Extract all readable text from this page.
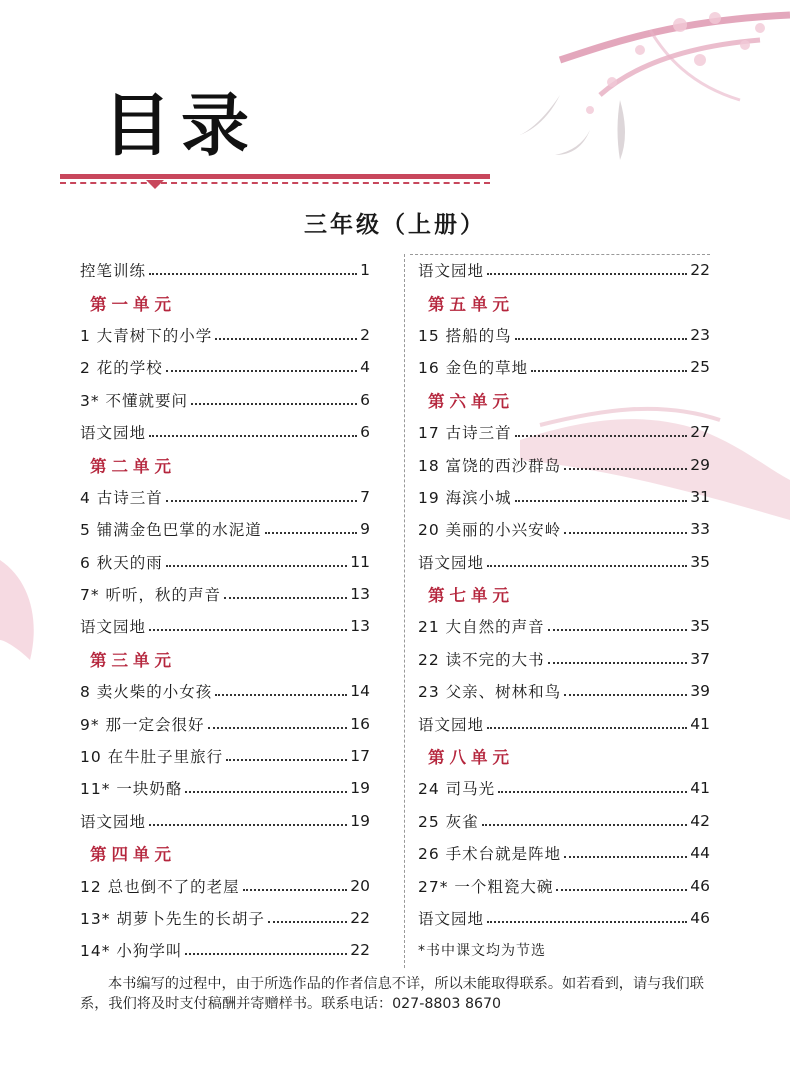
目录
三年级（上册）
控笔训练	1
第一单元
1 大青树下的小学	2
2 花的学校	4
3* 不懂就要问	6
语文园地	6
第二单元
4 古诗三首	7
5 铺满金色巴掌的水泥道	9
6 秋天的雨	11
7* 听听，秋的声音	13
语文园地	13
第三单元
8 卖火柴的小女孩	14
9* 那一定会很好	16
10 在牛肚子里旅行	17
11* 一块奶酪	19
语文园地	19
第四单元
12 总也倒不了的老屋	20
13* 胡萝卜先生的长胡子	22
14* 小狗学叫	22
语文园地	22
第五单元
15 搭船的鸟	23
16 金色的草地	25
第六单元
17 古诗三首	27
18 富饶的西沙群岛	29
19 海滨小城	31
20 美丽的小兴安岭	33
语文园地	35
第七单元
21 大自然的声音	35
22 读不完的大书	37
23 父亲、树林和鸟	39
语文园地	41
第八单元
24 司马光	41
25 灰雀	42
26 手术台就是阵地	44
27* 一个粗瓷大碗	46
语文园地	46
*书中课文均为节选
本书编写的过程中，由于所选作品的作者信息不详，所以未能取得联系。如若看到，请与我们联系，我们将及时支付稿酬并寄赠样书。联系电话：027-8803 8670
